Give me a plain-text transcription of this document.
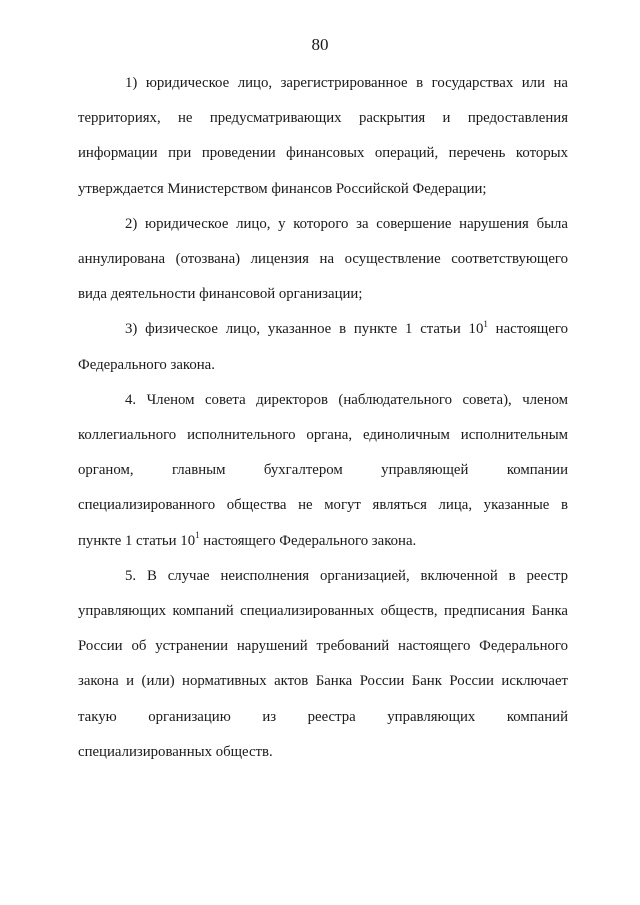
80

1) юридическое лицо, зарегистрированное в государствах или на
территориях, не предусматривающих раскрытия и предоставления
информации при проведении финансовых операций, перечень которых
утверждается Министерством финансов Российской Федерации;

2) юридическое лицо, у которого за совершение нарушения была
аннулирована (отозвана) лицензия на осуществление соответствующего
вида деятельности финансовой организации;

3) физическое лицо, указанное в пункте 1 статьи $10^1$ настоящего
Федерального закона.

4. Членом совета директоров (наблюдательного совета), членом
коллегиального исполнительного органа, единоличным исполнительным
органом, главным бухгалтером управляющей компании
специализированного общества не могут являться лица, указанные в
пункте 1 статьи $10^1$ настоящего Федерального закона.

5. В случае неисполнения организацией, включенной в реестр
управляющих компаний специализированных обществ, предписания Банка
России об устранении нарушений требований настоящего Федерального
закона и (или) нормативных актов Банка России Банк России исключает
такую организацию из реестра управляющих компаний
специализированных обществ.
